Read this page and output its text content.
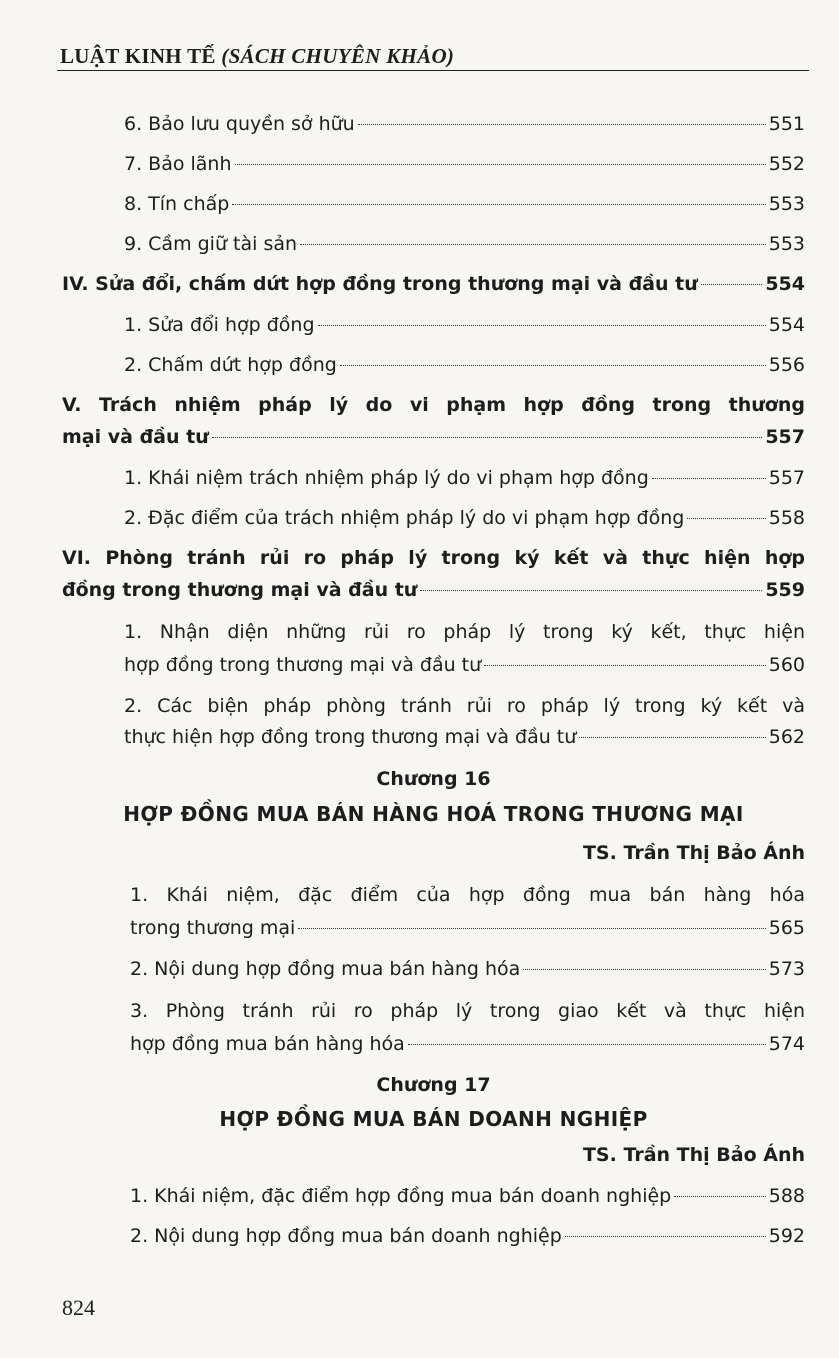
LUẬT KINH TẾ (SÁCH CHUYÊN KHẢO)
6. Bảo lưu quyền sở hữu	551
7. Bảo lãnh	552
8. Tín chấp	553
9. Cầm giữ tài sản	553
IV. Sửa đổi, chấm dứt hợp đồng trong thương mại và đầu tư	554
1. Sửa đổi hợp đồng	554
2. Chấm dứt hợp đồng	556
V. Trách nhiệm pháp lý do vi phạm hợp đồng trong thương
mại và đầu tư	557
1. Khái niệm trách nhiệm pháp lý do vi phạm hợp đồng	557
2. Đặc điểm của trách nhiệm pháp lý do vi phạm hợp đồng	558
VI. Phòng tránh rủi ro pháp lý trong ký kết và thực hiện hợp
đồng trong thương mại và đầu tư	559
1. Nhận diện những rủi ro pháp lý trong ký kết, thực hiện
hợp đồng trong thương mại và đầu tư	560
2. Các biện pháp phòng tránh rủi ro pháp lý trong ký kết và
thực hiện hợp đồng trong thương mại và đầu tư	562
Chương 16
HỢP ĐỒNG MUA BÁN HÀNG HOÁ TRONG THƯƠNG MẠI
TS. Trần Thị Bảo Ánh
1. Khái niệm, đặc điểm của hợp đồng mua bán hàng hóa
trong thương mại	565
2. Nội dung hợp đồng mua bán hàng hóa	573
3. Phòng tránh rủi ro pháp lý trong giao kết và thực hiện
hợp đồng mua bán hàng hóa	574
Chương 17
HỢP ĐỒNG MUA BÁN DOANH NGHIỆP
TS. Trần Thị Bảo Ánh
1. Khái niệm, đặc điểm hợp đồng mua bán doanh nghiệp	588
2. Nội dung hợp đồng mua bán doanh nghiệp	592
824
